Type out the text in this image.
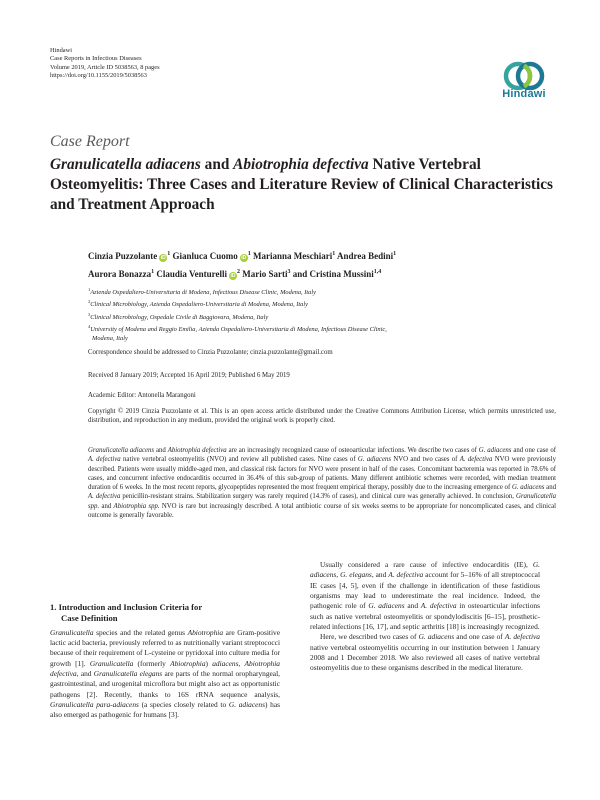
Hindawi
Case Reports in Infectious Diseases
Volume 2019, Article ID 5038563, 8 pages
https://doi.org/10.1155/2019/5038563
Hindawi
Case Report
Granulicatella adiacens and Abiotrophia defectiva Native Vertebral Osteomyelitis: Three Cases and Literature Review of Clinical Characteristics and Treatment Approach
Cinzia Puzzolante $iD^1$ Gianluca Cuomo $iD^1$ Marianna Meschiari$^1$ Andrea Bedini$^1$
Aurora Bonazza$^1$ Claudia Venturelli $iD^2$ Mario Sarti$^3$ and Cristina Mussini$^{1,4}$
$^1$Azienda Ospedaliero-Universitaria di Modena, Infectious Disease Clinic, Modena, Italy
$^2$Clinical Microbiology, Azienda Ospedaliero-Universitaria di Modena, Modena, Italy
$^3$Clinical Microbiology, Ospedale Civile di Baggiovara, Modena, Italy
$^4$University of Modena and Reggio Emilia, Azienda Ospedaliero-Universitaria di Modena, Infectious Disease Clinic,
Modena, Italy
Correspondence should be addressed to Cinzia Puzzolante; cinzia.puzzolante@gmail.com
Received 8 January 2019; Accepted 16 April 2019; Published 6 May 2019
Academic Editor: Antonella Marangoni
Copyright © 2019 Cinzia Puzzolante et al. This is an open access article distributed under the Creative Commons Attribution License, which permits unrestricted use, distribution, and reproduction in any medium, provided the original work is properly cited.
Granulicatella adiacens and Abiotrophia defectiva are an increasingly recognized cause of osteoarticular infections. We describe two cases of G. adiacens and one case of A. defectiva native vertebral osteomyelitis (NVO) and review all published cases. Nine cases of G. adiacens NVO and two cases of A. defectiva NVO were previously described. Patients were usually middle-aged men, and classical risk factors for NVO were present in half of the cases. Concomitant bacteremia was reported in 78.6% of cases, and concurrent infective endocarditis occurred in 36.4% of this sub-group of patients. Many different antibiotic schemes were recorded, with median treatment duration of 6 weeks. In the most recent reports, glycopeptides represented the most frequent empirical therapy, possibly due to the increasing emergence of G. adiacens and A. defectiva penicillin-resistant strains. Stabilization surgery was rarely required (14.3% of cases), and clinical cure was generally achieved. In conclusion, Granulicatella spp. and Abiotrophia spp. NVO is rare but increasingly described. A total antibiotic course of six weeks seems to be appropriate for noncomplicated cases, and clinical outcome is generally favorable.
1. Introduction and Inclusion Criteria for
Case Definition

Granulicatella species and the related genus Abiotrophia are Gram-positive lactic acid bacteria, previously referred to as nutritionally variant streptococci because of their requirement of L-cysteine or pyridoxal into culture media for growth [1]. Granulicatella (formerly Abiotrophia) adiacens, Abiotrophia defectiva, and Granulicatella elegans are parts of the normal oropharyngeal, gastrointestinal, and urogenital microflora but might also act as opportunistic pathogens [2]. Recently, thanks to 16S rRNA sequence analysis, Granulicatella para-adiacens (a species closely related to G. adiacens) has also emerged as pathogenic for humans [3].

Usually considered a rare cause of infective endocarditis (IE), G. adiacens, G. elegans, and A. defectiva account for 5–16% of all streptococcal IE cases [4, 5], even if the challenge in identification of these fastidious organisms may lead to underestimate the real incidence. Indeed, the pathogenic role of G. adiacens and A. defectiva in osteoarticular infections such as native vertebral osteomyelitis or spondylodiscitis [6–15], prosthetic-related infections [16, 17], and septic arthritis [18] is increasingly recognized.

Here, we described two cases of G. adiacens and one case of A. defectiva native vertebral osteomyelitis occurring in our institution between 1 January 2008 and 1 December 2018. We also reviewed all cases of native vertebral osteomyelitis due to these organisms described in the medical literature.
